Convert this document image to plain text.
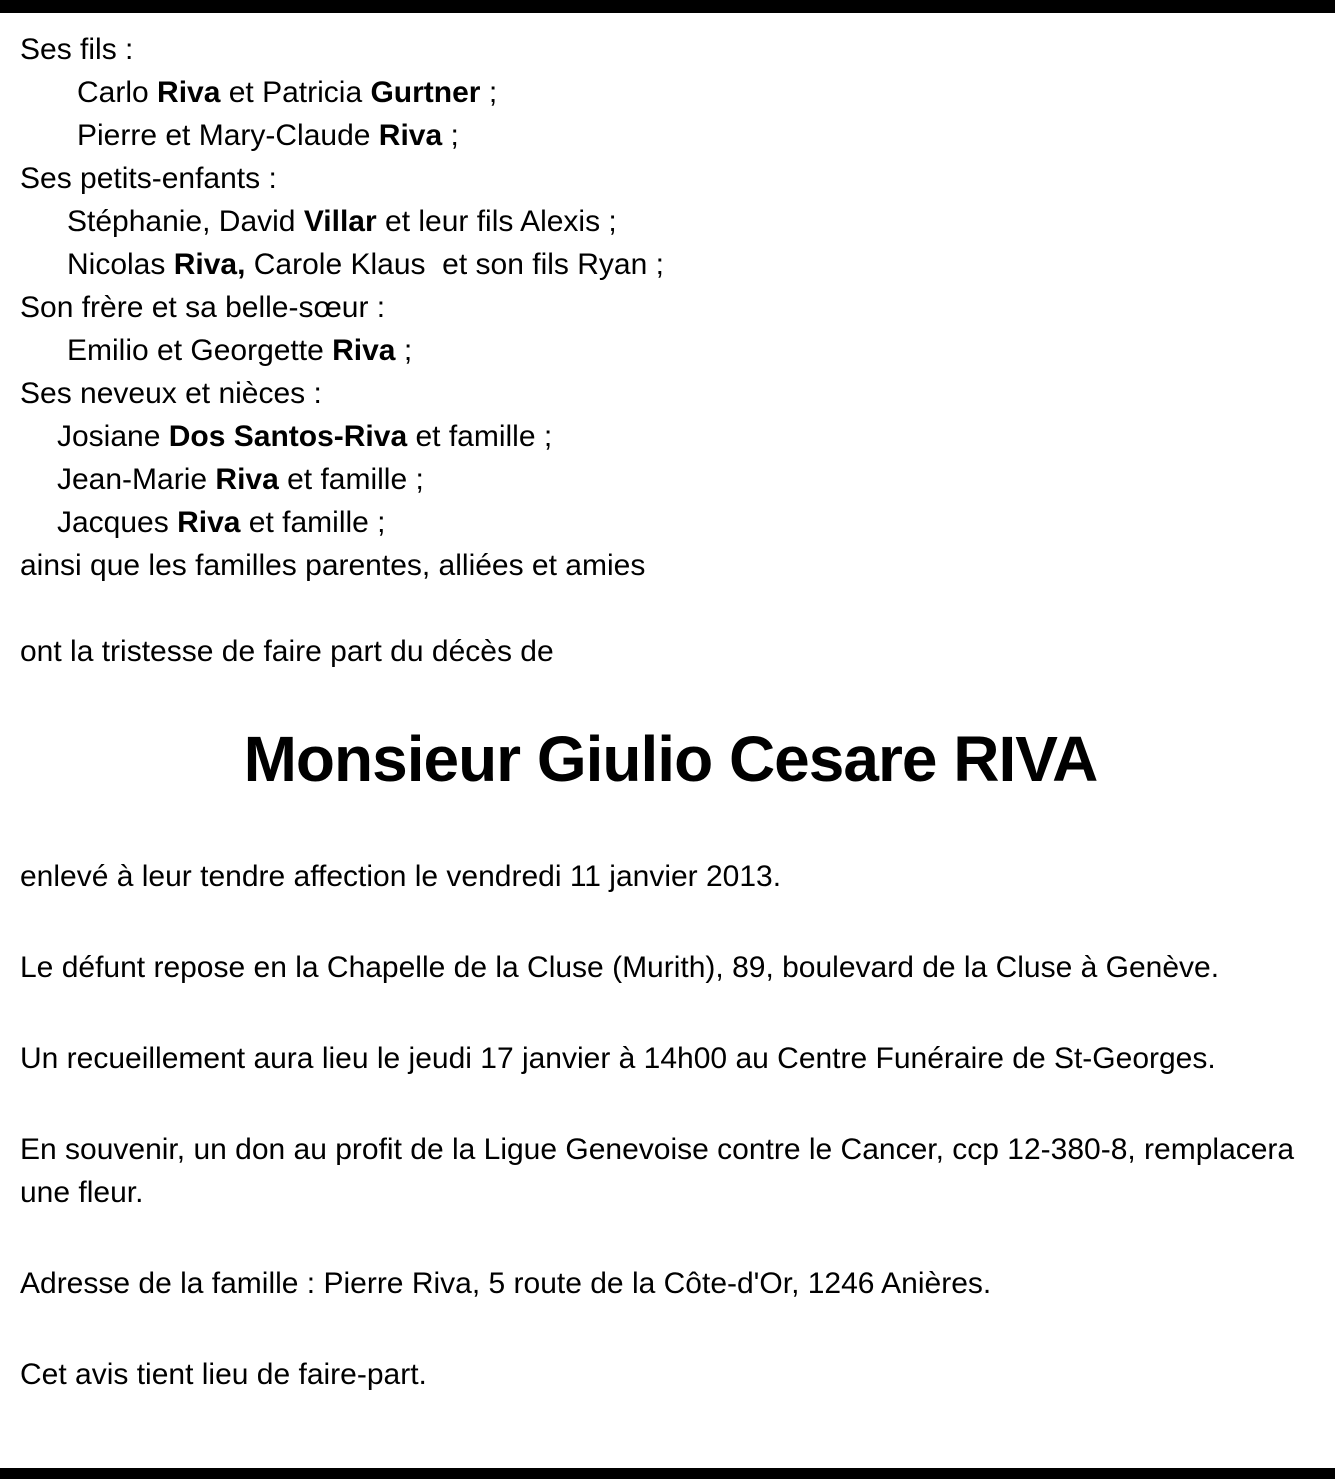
Ses fils :
Carlo Riva et Patricia Gurtner ;
Pierre et Mary-Claude Riva ;
Ses petits-enfants :
Stéphanie, David Villar et leur fils Alexis ;
Nicolas Riva, Carole Klaus  et son fils Ryan ;
Son frère et sa belle-sœur :
Emilio et Georgette Riva ;
Ses neveux et nièces :
Josiane Dos Santos-Riva et famille ;
Jean-Marie Riva et famille ;
Jacques Riva et famille ;
ainsi que les familles parentes, alliées et amies
ont la tristesse de faire part du décès de
Monsieur Giulio Cesare RIVA
enlevé à leur tendre affection le vendredi 11 janvier 2013.
Le défunt repose en la Chapelle de la Cluse (Murith), 89, boulevard de la Cluse à Genève.
Un recueillement aura lieu le jeudi 17 janvier à 14h00 au Centre Funéraire de St-Georges.
En souvenir, un don au profit de la Ligue Genevoise contre le Cancer, ccp 12-380-8, remplacera une fleur.
Adresse de la famille : Pierre Riva, 5 route de la Côte-d'Or, 1246 Anières.
Cet avis tient lieu de faire-part.
